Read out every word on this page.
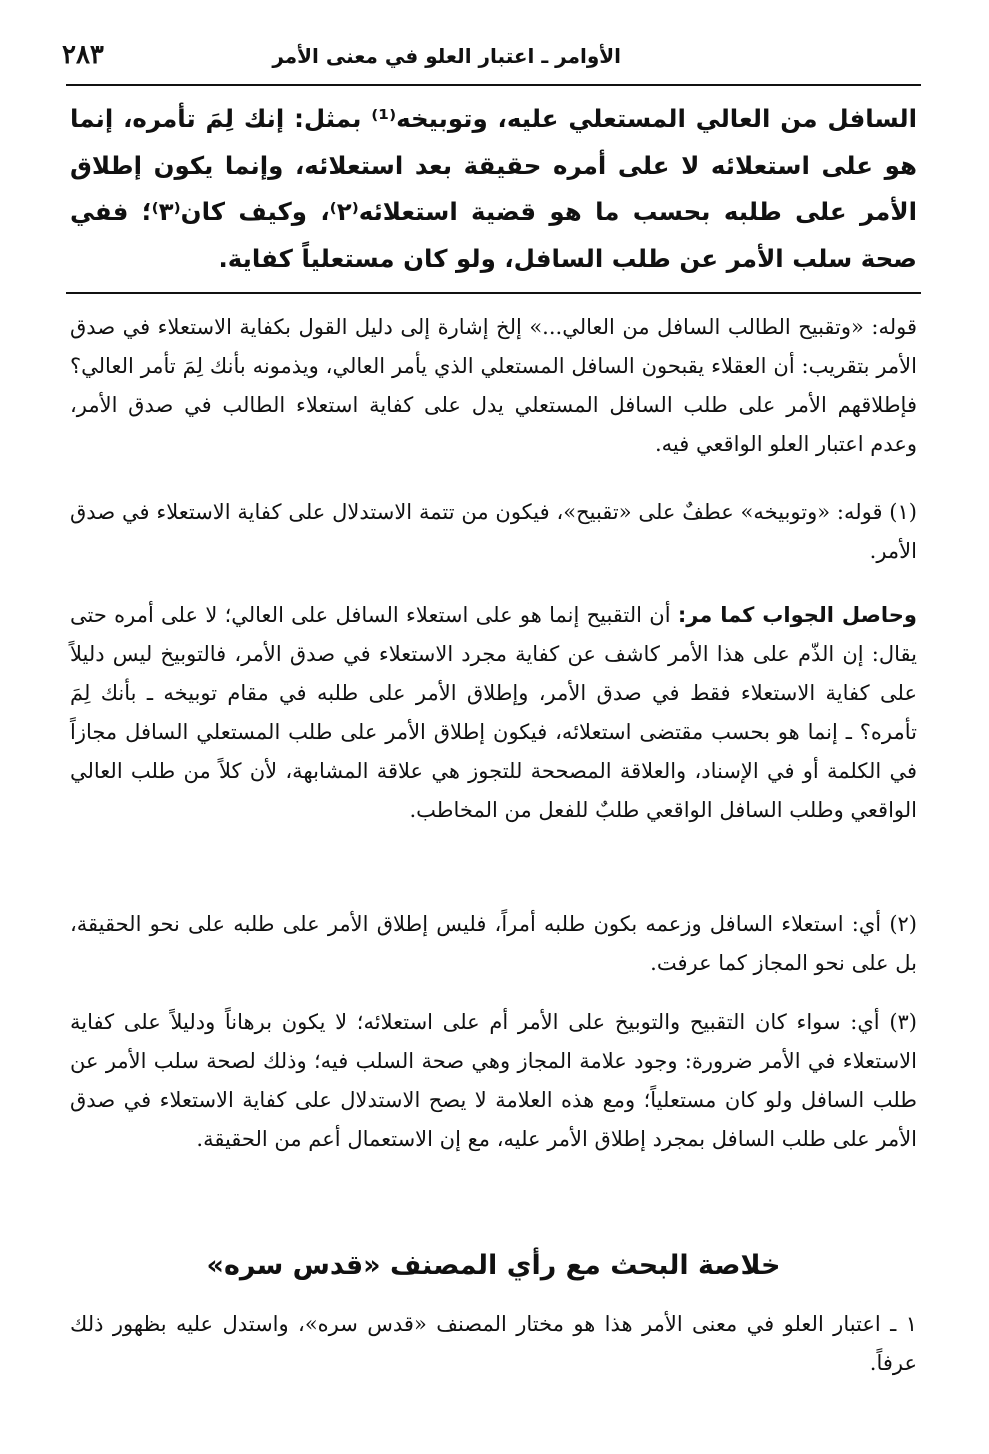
الأوامر ـ اعتبار العلو في معنى الأمر
٢٨٣
السافل من العالي المستعلي عليه، وتوبيخه⁽¹⁾ بمثل: إنك لِمَ تأمره، إنما هو على استعلائه لا على أمره حقيقة بعد استعلائه، وإنما يكون إطلاق الأمر على طلبه بحسب ما هو قضية استعلائه⁽٢⁾، وكيف كان⁽٣⁾؛ ففي صحة سلب الأمر عن طلب السافل، ولو كان مستعلياً كفاية.
قوله: «وتقبيح الطالب السافل من العالي...» إلخ إشارة إلى دليل القول بكفاية الاستعلاء في صدق الأمر بتقريب: أن العقلاء يقبحون السافل المستعلي الذي يأمر العالي، ويذمونه بأنك لِمَ تأمر العالي؟ فإطلاقهم الأمر على طلب السافل المستعلي يدل على كفاية استعلاء الطالب في صدق الأمر، وعدم اعتبار العلو الواقعي فيه.
(١) قوله: «وتوبيخه» عطفٌ على «تقبيح»، فيكون من تتمة الاستدلال على كفاية الاستعلاء في صدق الأمر.
وحاصل الجواب كما مر: أن التقبيح إنما هو على استعلاء السافل على العالي؛ لا على أمره حتى يقال: إن الذّم على هذا الأمر كاشف عن كفاية مجرد الاستعلاء في صدق الأمر، فالتوبيخ ليس دليلاً على كفاية الاستعلاء فقط في صدق الأمر، وإطلاق الأمر على طلبه في مقام توبيخه ـ بأنك لِمَ تأمره؟ ـ إنما هو بحسب مقتضى استعلائه، فيكون إطلاق الأمر على طلب المستعلي السافل مجازاً في الكلمة أو في الإسناد، والعلاقة المصححة للتجوز هي علاقة المشابهة، لأن كلاً من طلب العالي الواقعي وطلب السافل الواقعي طلبٌ للفعل من المخاطب.
(٢) أي: استعلاء السافل وزعمه بكون طلبه أمراً، فليس إطلاق الأمر على طلبه على نحو الحقيقة، بل على نحو المجاز كما عرفت.
(٣) أي: سواء كان التقبيح والتوبيخ على الأمر أم على استعلائه؛ لا يكون برهاناً ودليلاً على كفاية الاستعلاء في الأمر ضرورة: وجود علامة المجاز وهي صحة السلب فيه؛ وذلك لصحة سلب الأمر عن طلب السافل ولو كان مستعلياً؛ ومع هذه العلامة لا يصح الاستدلال على كفاية الاستعلاء في صدق الأمر على طلب السافل بمجرد إطلاق الأمر عليه، مع إن الاستعمال أعم من الحقيقة.
خلاصة البحث مع رأي المصنف «قدس سره»
١ ـ اعتبار العلو في معنى الأمر هذا هو مختار المصنف «قدس سره»، واستدل عليه بظهور ذلك عرفاً.
